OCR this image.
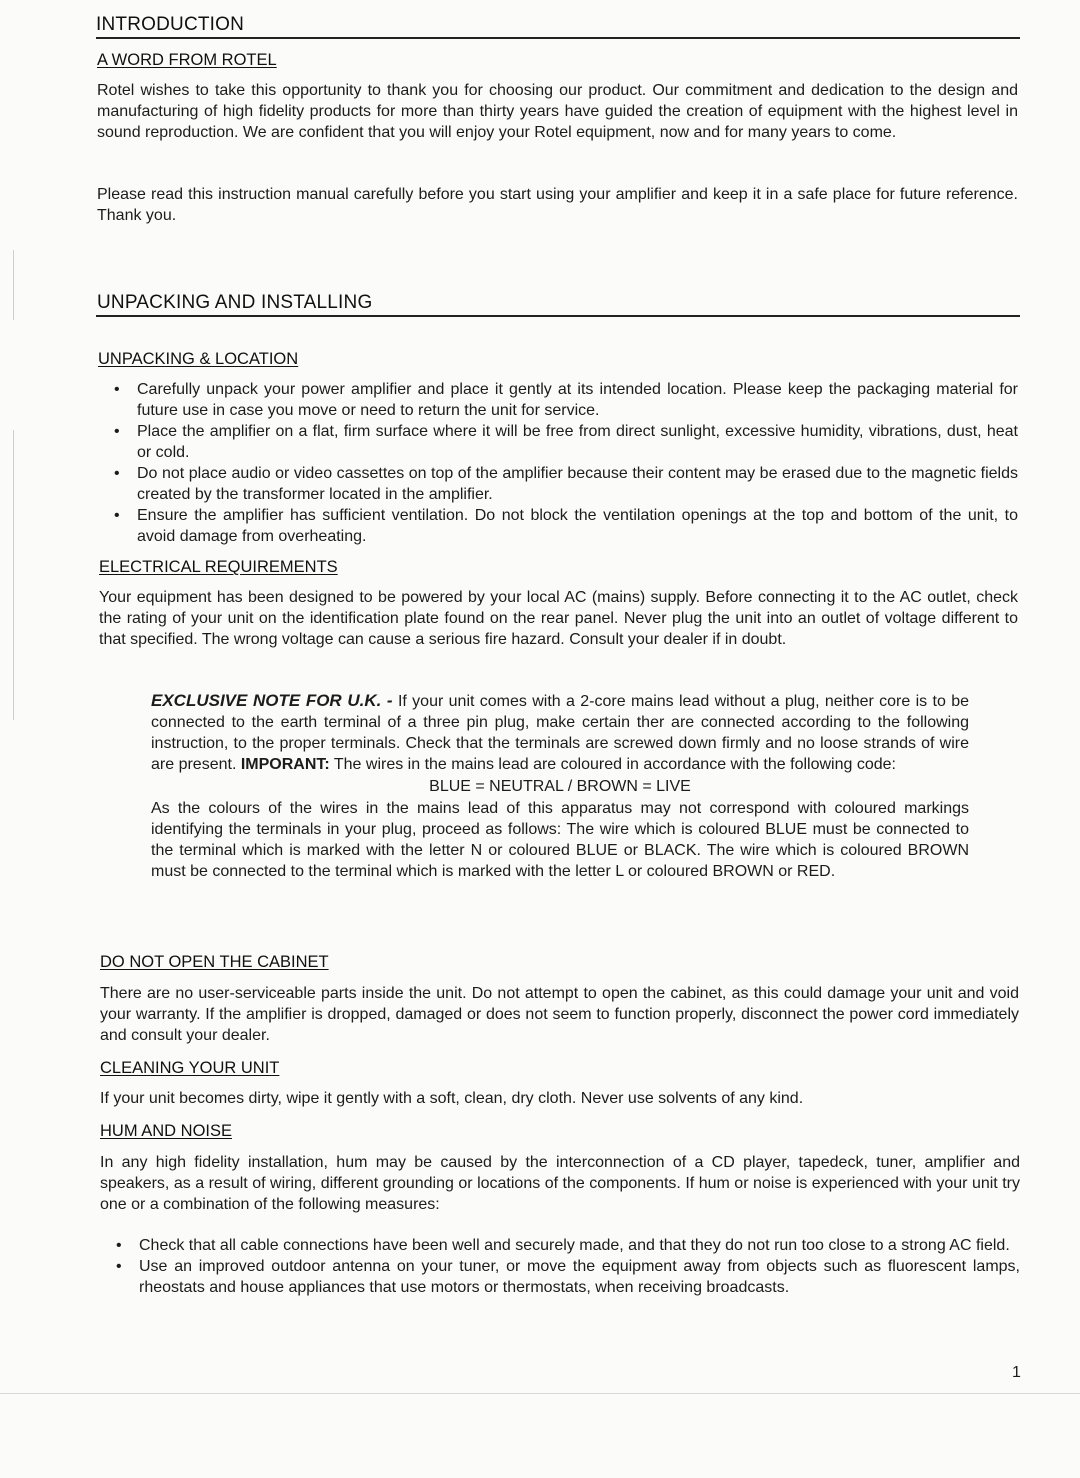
INTRODUCTION
A WORD FROM ROTEL

Rotel wishes to take this opportunity to thank you for choosing our product. Our commitment and dedication to the design and manufacturing of high fidelity products for more than thirty years have guided the creation of equipment with the highest level in sound reproduction. We are confident that you will enjoy your Rotel equipment, now and for many years to come.

Please read this instruction manual carefully before you start using your amplifier and keep it in a safe place for future reference. Thank you.

UNPACKING AND INSTALLING
UNPACKING & LOCATION
• Carefully unpack your power amplifier and place it gently at its intended location. Please keep the packaging material for future use in case you move or need to return the unit for service.
• Place the amplifier on a flat, firm surface where it will be free from direct sunlight, excessive humidity, vibrations, dust, heat or cold.
• Do not place audio or video cassettes on top of the amplifier because their content may be erased due to the magnetic fields created by the transformer located in the amplifier.
• Ensure the amplifier has sufficient ventilation. Do not block the ventilation openings at the top and bottom of the unit, to avoid damage from overheating.
ELECTRICAL REQUIREMENTS

Your equipment has been designed to be powered by your local AC (mains) supply. Before connecting it to the AC outlet, check the rating of your unit on the identification plate found on the rear panel. Never plug the unit into an outlet of voltage different to that specified. The wrong voltage can cause a serious fire hazard. Consult your dealer if in doubt.

EXCLUSIVE NOTE FOR U.K. - If your unit comes with a 2-core mains lead without a plug, neither core is to be connected to the earth terminal of a three pin plug, make certain ther are connected according to the following instruction, to the proper terminals. Check that the terminals are screwed down firmly and no loose strands of wire are present. IMPORANT: The wires in the mains lead are coloured in accordance with the following code:

BLUE = NEUTRAL / BROWN = LIVE

As the colours of the wires in the mains lead of this apparatus may not correspond with coloured markings identifying the terminals in your plug, proceed as follows: The wire which is coloured BLUE must be connected to the terminal which is marked with the letter N or coloured BLUE or BLACK. The wire which is coloured BROWN must be connected to the terminal which is marked with the letter L or coloured BROWN or RED.

DO NOT OPEN THE CABINET

There are no user-serviceable parts inside the unit. Do not attempt to open the cabinet, as this could damage your unit and void your warranty. If the amplifier is dropped, damaged or does not seem to function properly, disconnect the power cord immediately and consult your dealer.

CLEANING YOUR UNIT

If your unit becomes dirty, wipe it gently with a soft, clean, dry cloth. Never use solvents of any kind.

HUM AND NOISE

In any high fidelity installation, hum may be caused by the interconnection of a CD player, tapedeck, tuner, amplifier and speakers, as a result of wiring, different grounding or locations of the components. If hum or noise is experienced with your unit try one or a combination of the following measures:

• Check that all cable connections have been well and securely made, and that they do not run too close to a strong AC field.
• Use an improved outdoor antenna on your tuner, or move the equipment away from objects such as fluorescent lamps, rheostats and house appliances that use motors or thermostats, when receiving broadcasts.
1
